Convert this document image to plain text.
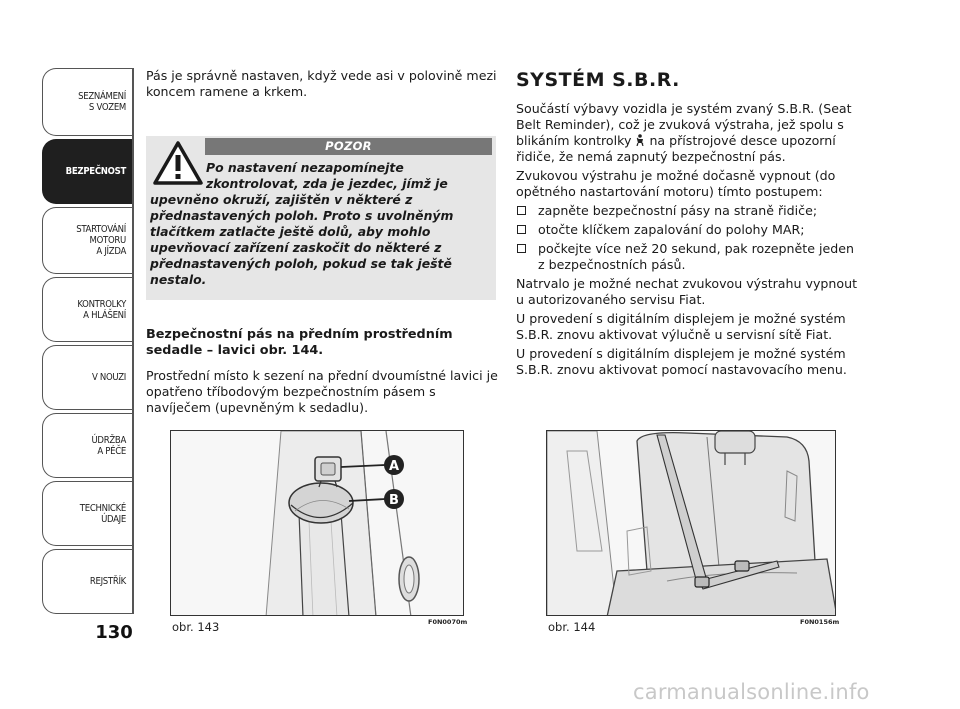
SEZNÁMENÍ
S VOZEM
BEZPEČNOST
STARTOVÁNÍ
MOTORU
A JÍZDA
KONTROLKY
A HLÁŠENÍ
V NOUZI
ÚDRŽBA
A PÉČE
TECHNICKÉ
ÚDAJE
REJSTŘÍK
130

Pás je správně nastaven, když vede asi v polovině mezi koncem ramene a krkem.

POZOR
Po nastavení nezapomínejte zkontrolovat, zda je jezdec, jímž je
upevněno okruží, zajištěn v některé z přednastavených poloh. Proto s uvolněným tlačítkem zatlačte ještě dolů, aby mohlo upevňovací zařízení zaskočit do některé z přednastavených poloh, pokud se tak ještě nestalo.

Bezpečnostní pás na předním prostředním sedadle – lavici obr. 144.

Prostřední místo k sezení na přední dvoumístné lavici je opatřeno tříbodovým bezpečnostním pásem s navíječem (upevněným k sedadlu).

SYSTÉM S.B.R.

Součástí výbavy vozidla je systém zvaný S.B.R. (Seat Belt Reminder), což je zvuková výstraha, jež spolu s blikáním kontrolky na přístrojové desce upozorní řidiče, že nemá zapnutý bezpečnostní pás.

Zvukovou výstrahu je možné dočasně vypnout (do opětného nastartování motoru) tímto postupem:

zapněte bezpečnostní pásy na straně řidiče;
otočte klíčkem zapalování do polohy MAR;
počkejte více než 20 sekund, pak rozepněte jeden z bezpečnostních pásů.

Natrvalo je možné nechat zvukovou výstrahu vypnout u autorizovaného servisu Fiat.

U provedení s digitálním displejem je možné systém S.B.R. znovu aktivovat výlučně u servisní sítě Fiat.

U provedení s digitálním displejem je možné systém S.B.R. znovu aktivovat pomocí nastavovacího menu.

A
B
obr. 143	F0N0070m	obr. 144	F0N0156m
carmanualsonline.info
